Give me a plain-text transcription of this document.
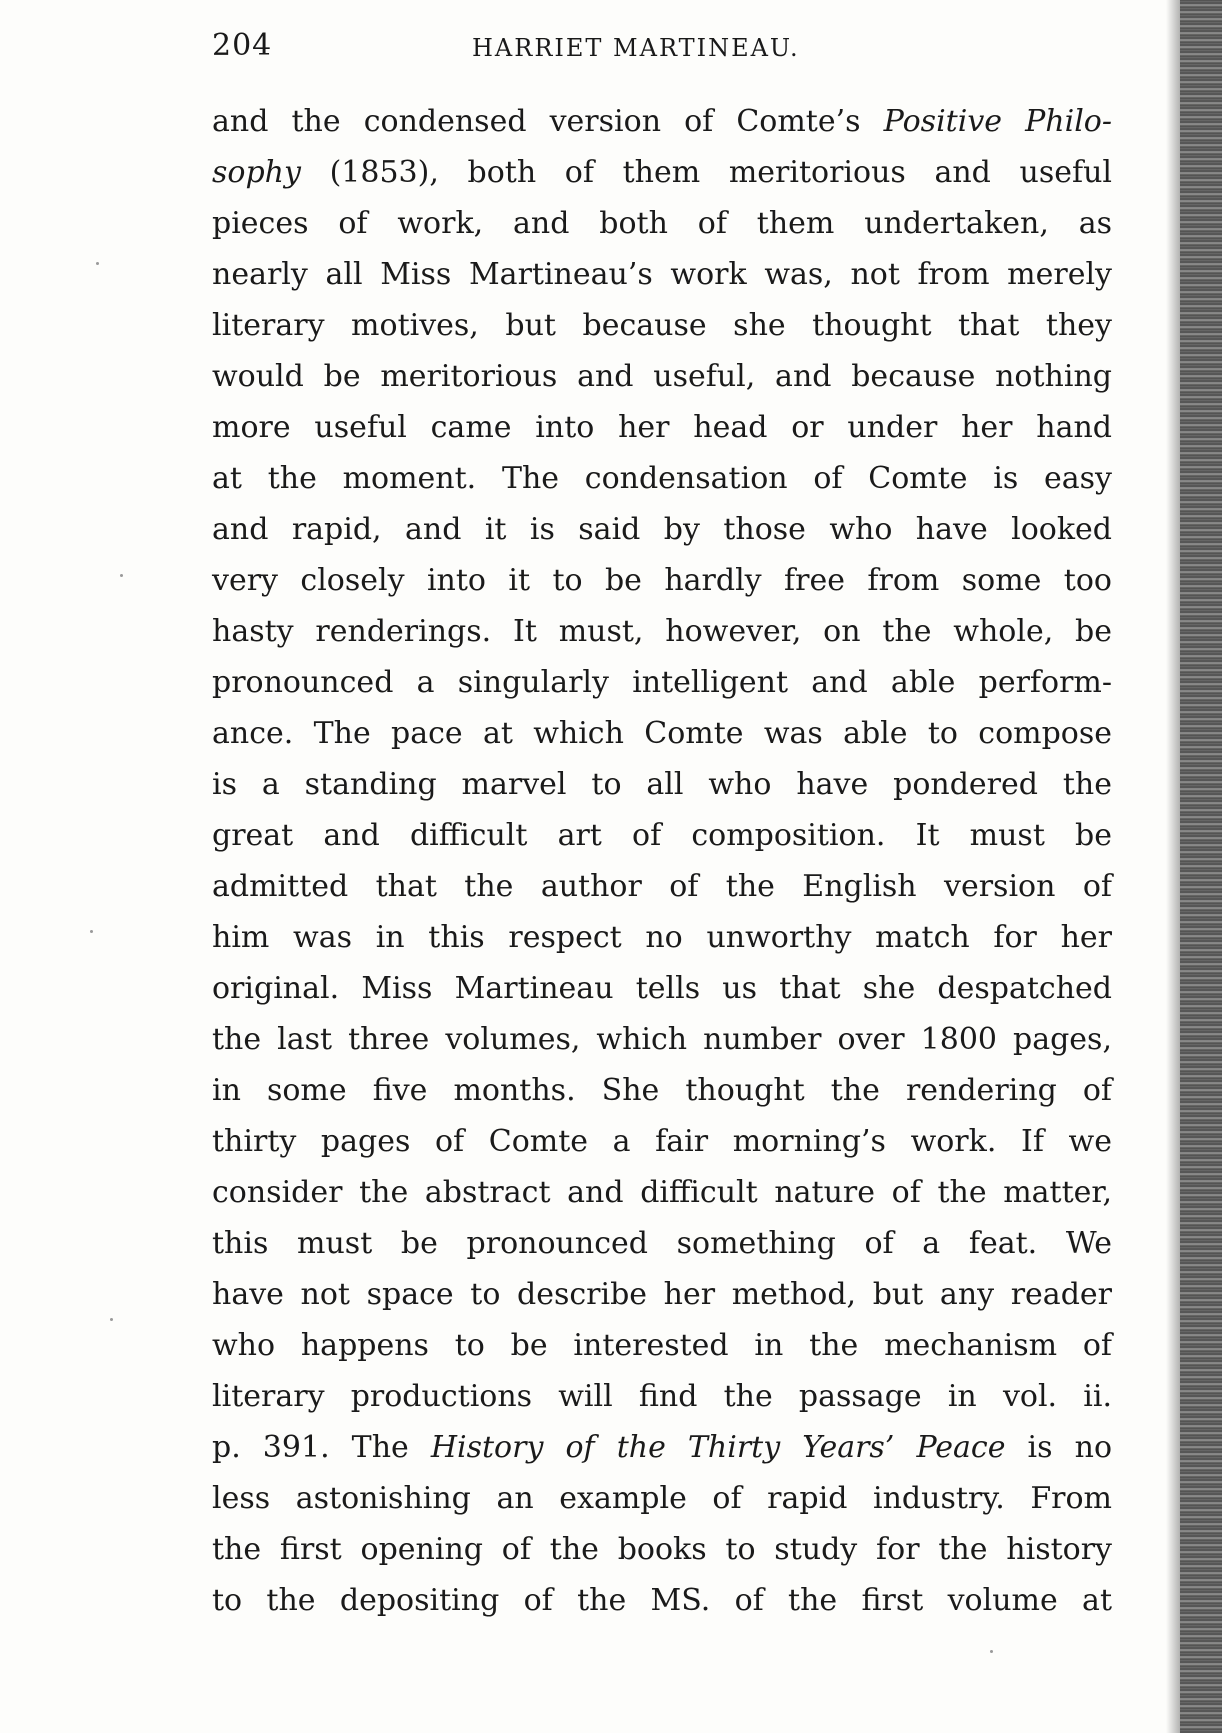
204	HARRIET MARTINEAU.
and the condensed version of Comte’s Positive Philo-
sophy (1853), both of them meritorious and useful
pieces of work, and both of them undertaken, as
nearly all Miss Martineau’s work was, not from merely
literary motives, but because she thought that they
would be meritorious and useful, and because nothing
more useful came into her head or under her hand
at the moment. The condensation of Comte is easy
and rapid, and it is said by those who have looked
very closely into it to be hardly free from some too
hasty renderings. It must, however, on the whole, be
pronounced a singularly intelligent and able perform-
ance. The pace at which Comte was able to compose
is a standing marvel to all who have pondered the
great and difficult art of composition. It must be
admitted that the author of the English version of
him was in this respect no unworthy match for her
original. Miss Martineau tells us that she despatched
the last three volumes, which number over 1800 pages,
in some five months. She thought the rendering of
thirty pages of Comte a fair morning’s work. If we
consider the abstract and difficult nature of the matter,
this must be pronounced something of a feat. We
have not space to describe her method, but any reader
who happens to be interested in the mechanism of
literary productions will find the passage in vol. ii.
p. 391. The History of the Thirty Years’ Peace is no
less astonishing an example of rapid industry. From
the first opening of the books to study for the history
to the depositing of the MS. of the first volume at
